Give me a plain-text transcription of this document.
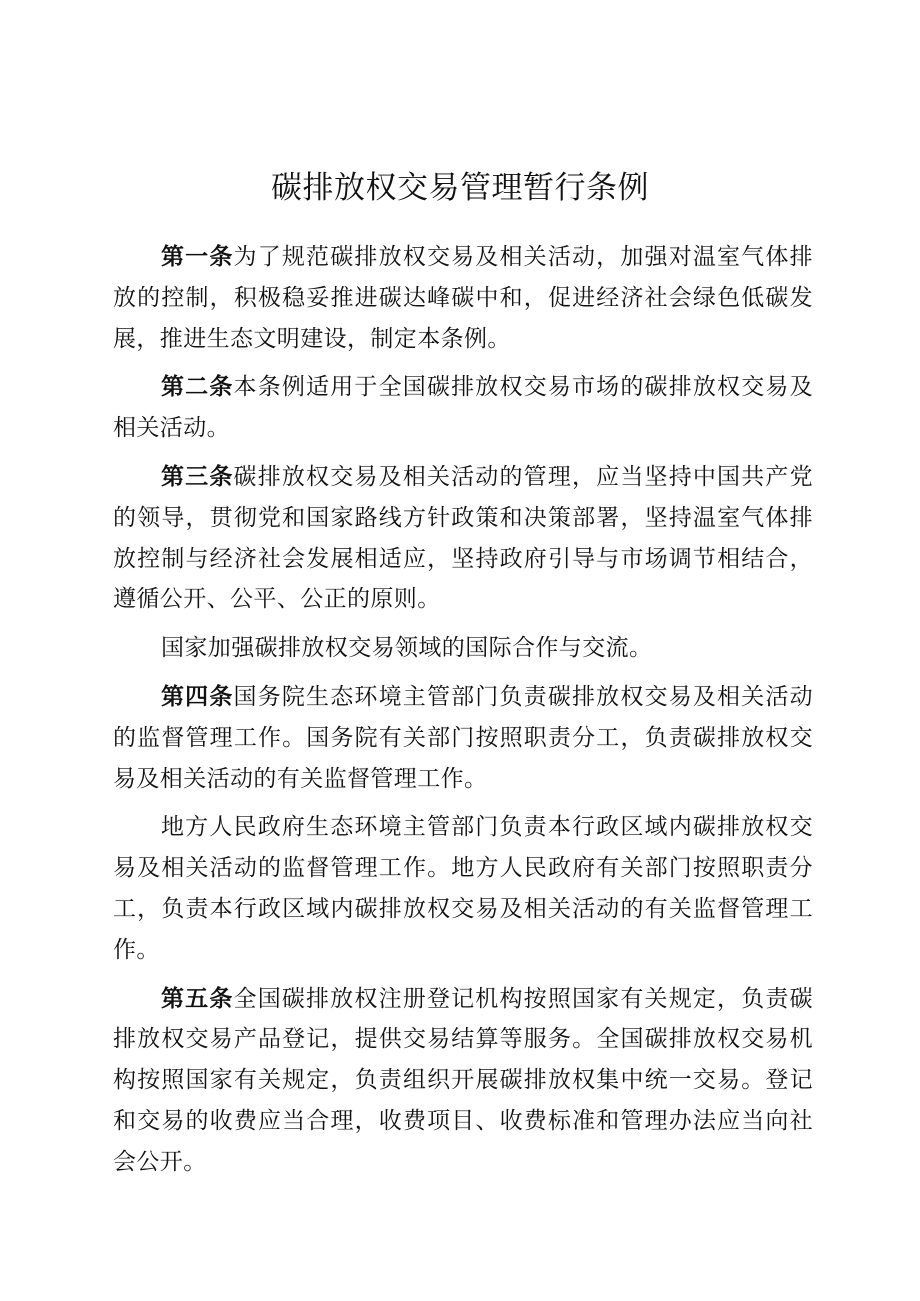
碳排放权交易管理暂行条例

第一条为了规范碳排放权交易及相关活动，加强对温室气体排放的控制，积极稳妥推进碳达峰碳中和，促进经济社会绿色低碳发展，推进生态文明建设，制定本条例。

第二条本条例适用于全国碳排放权交易市场的碳排放权交易及相关活动。

第三条碳排放权交易及相关活动的管理，应当坚持中国共产党的领导，贯彻党和国家路线方针政策和决策部署，坚持温室气体排放控制与经济社会发展相适应，坚持政府引导与市场调节相结合，遵循公开、公平、公正的原则。

国家加强碳排放权交易领域的国际合作与交流。

第四条国务院生态环境主管部门负责碳排放权交易及相关活动的监督管理工作。国务院有关部门按照职责分工，负责碳排放权交易及相关活动的有关监督管理工作。

地方人民政府生态环境主管部门负责本行政区域内碳排放权交易及相关活动的监督管理工作。地方人民政府有关部门按照职责分工，负责本行政区域内碳排放权交易及相关活动的有关监督管理工作。

第五条全国碳排放权注册登记机构按照国家有关规定，负责碳排放权交易产品登记，提供交易结算等服务。全国碳排放权交易机构按照国家有关规定，负责组织开展碳排放权集中统一交易。登记和交易的收费应当合理，收费项目、收费标准和管理办法应当向社会公开。
